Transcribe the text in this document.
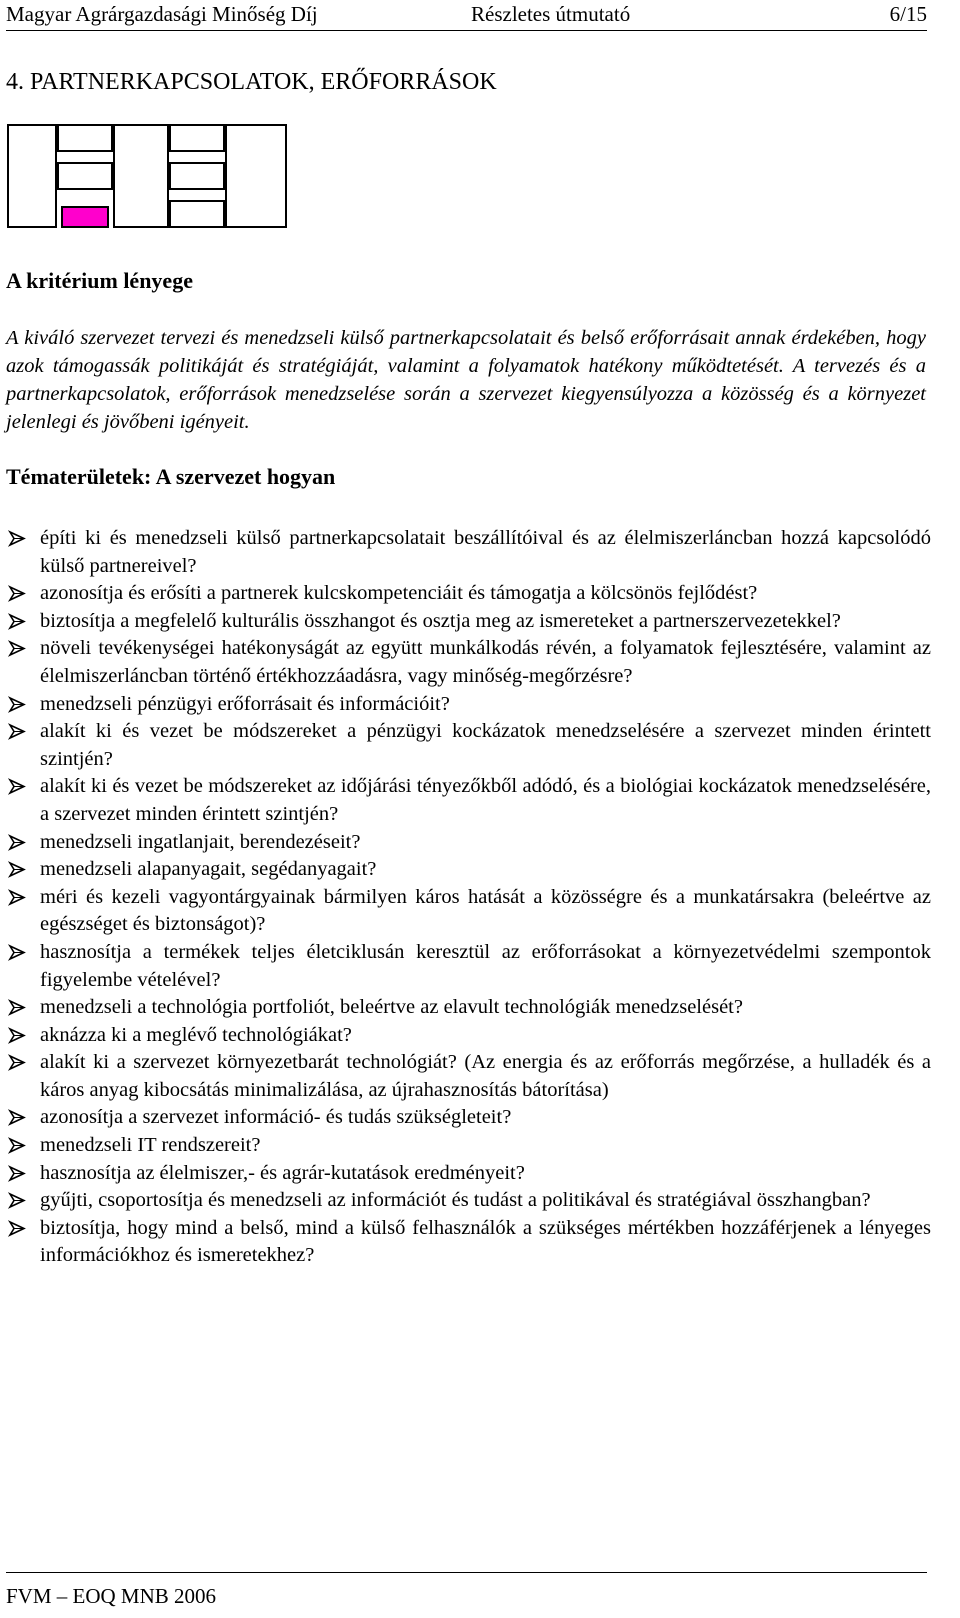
Magyar Agrárgazdasági Minőség Díj	Részletes útmutató	6/15
4. PARTNERKAPCSOLATOK, ERŐFORRÁSOK
A kritérium lényege

A kiváló szervezet tervezi és menedzseli külső partnerkapcsolatait és belső erőforrásait annak érdekében, hogy azok támogassák politikáját és stratégiáját, valamint a folyamatok hatékony működtetését. A tervezés és a partnerkapcsolatok, erőforrások menedzselése során a szervezet kiegyensúlyozza a közösség és a környezet jelenlegi és jövőbeni igényeit.

Tématerületek: A szervezet hogyan
építi ki és menedzseli külső partnerkapcsolatait beszállítóival és az élelmiszerláncban hozzá kapcsolódó külső partnereivel?
azonosítja és erősíti a partnerek kulcskompetenciáit és támogatja a kölcsönös fejlődést?
biztosítja a megfelelő kulturális összhangot és osztja meg az ismereteket a partnerszervezetekkel?
növeli tevékenységei hatékonyságát az együtt munkálkodás révén, a folyamatok fejlesztésére, valamint az élelmiszerláncban történő értékhozzáadásra, vagy minőség-megőrzésre?
menedzseli pénzügyi erőforrásait és információit?
alakít ki és vezet be módszereket a pénzügyi kockázatok menedzselésére a szervezet minden érintett szintjén?
alakít ki és vezet be módszereket az időjárási tényezőkből adódó, és a biológiai kockázatok menedzselésére, a szervezet minden érintett szintjén?
menedzseli ingatlanjait, berendezéseit?
menedzseli alapanyagait, segédanyagait?
méri és kezeli vagyontárgyainak bármilyen káros hatását a közösségre és a munkatársakra (beleértve az egészséget és biztonságot)?
hasznosítja a termékek teljes életciklusán keresztül az erőforrásokat a környezetvédelmi szempontok figyelembe vételével?
menedzseli a technológia portfoliót, beleértve az elavult technológiák menedzselését?
aknázza ki a meglévő technológiákat?
alakít ki a szervezet környezetbarát technológiát? (Az energia és az erőforrás megőrzése, a hulladék és a káros anyag kibocsátás minimalizálása, az újrahasznosítás bátorítása)
azonosítja a szervezet információ- és tudás szükségleteit?
menedzseli IT rendszereit?
hasznosítja az élelmiszer,- és agrár-kutatások eredményeit?
gyűjti, csoportosítja és menedzseli az információt és tudást a politikával és stratégiával összhangban?
biztosítja, hogy mind a belső, mind a külső felhasználók a szükséges mértékben hozzáférjenek a lényeges információkhoz és ismeretekhez?
FVM – EOQ MNB 2006
